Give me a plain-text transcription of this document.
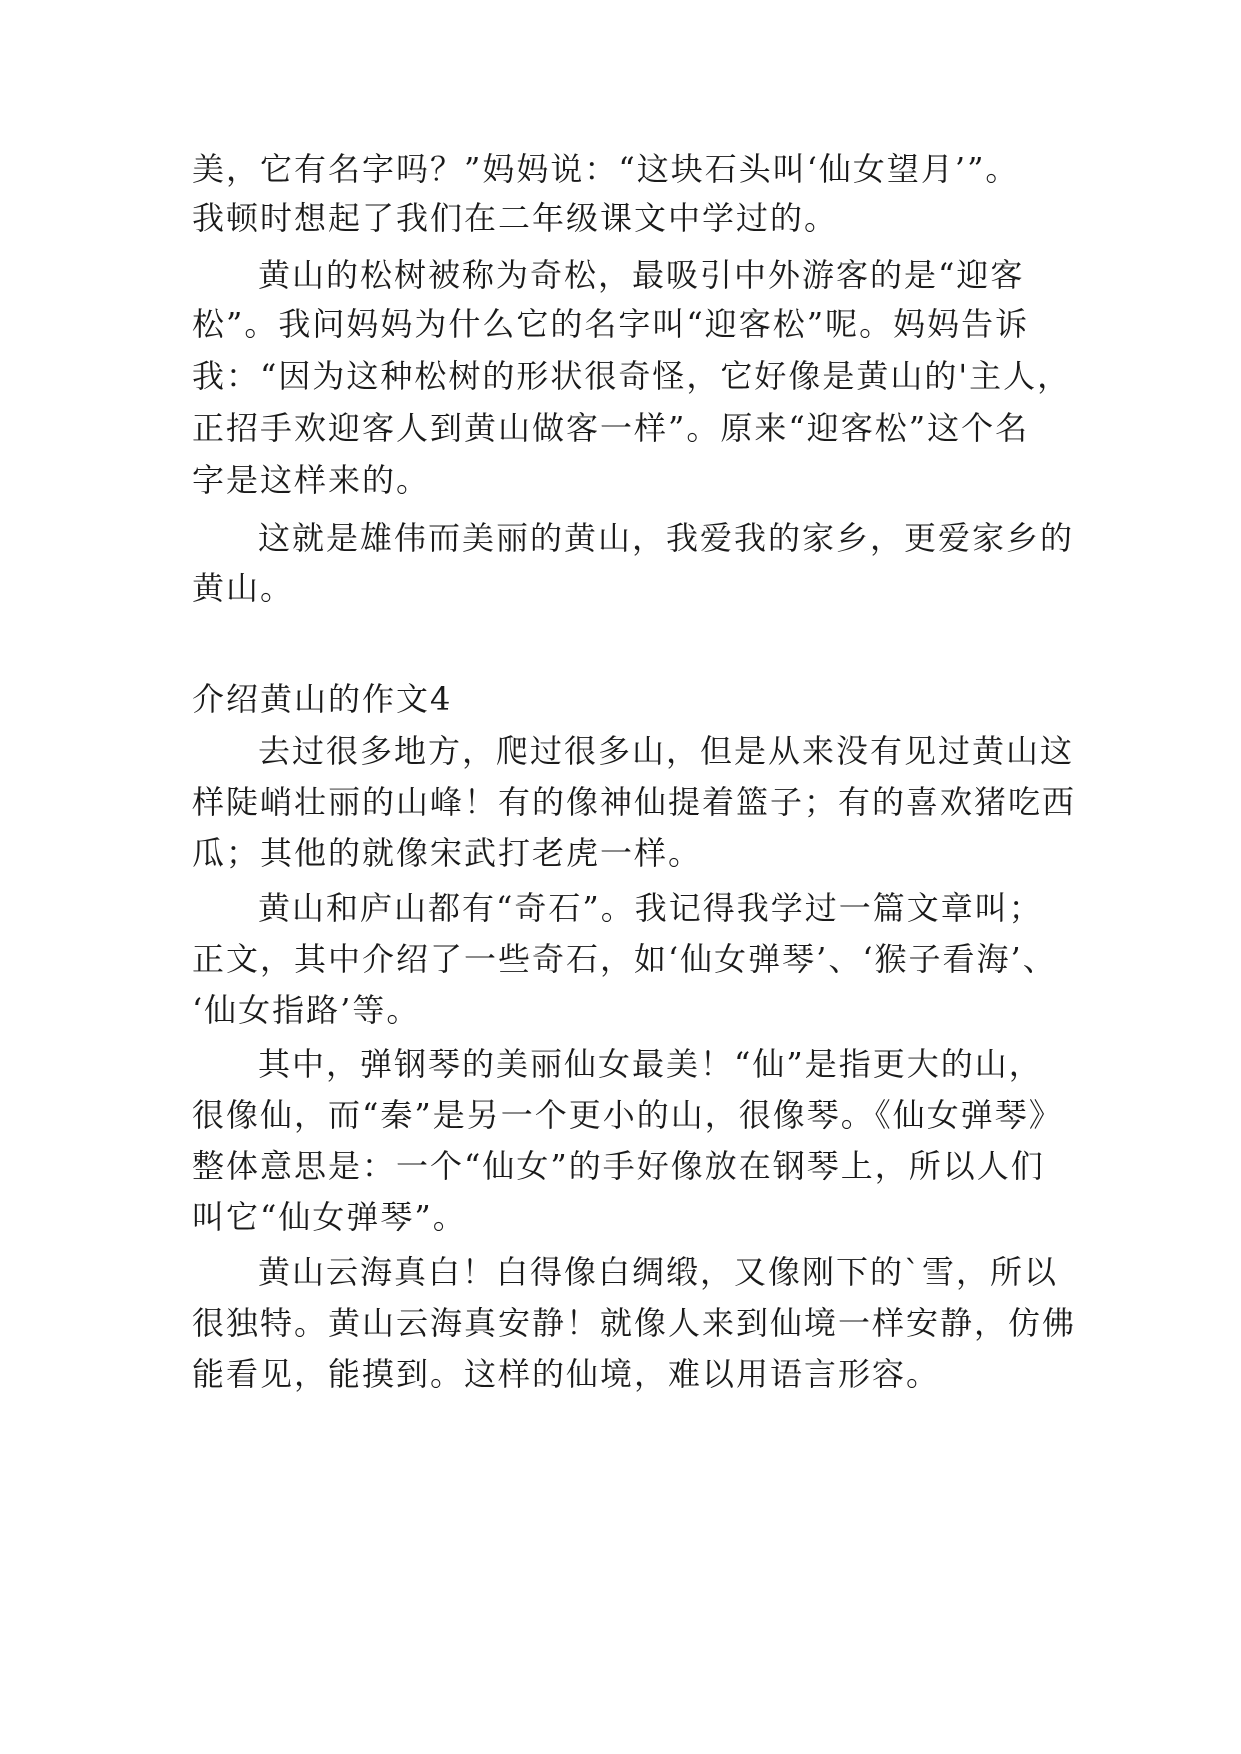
美，它有名字吗？”妈妈说：“这块石头叫‘仙女望月’”。
我顿时想起了我们在二年级课文中学过的。
黄山的松树被称为奇松，最吸引中外游客的是“迎客
松”。我问妈妈为什么它的名字叫“迎客松”呢。妈妈告诉
我：“因为这种松树的形状很奇怪，它好像是黄山的'主人，
正招手欢迎客人到黄山做客一样”。原来“迎客松”这个名
字是这样来的。
这就是雄伟而美丽的黄山，我爱我的家乡，更爱家乡的
黄山。
介绍黄山的作文4
去过很多地方，爬过很多山，但是从来没有见过黄山这
样陡峭壮丽的山峰！有的像神仙提着篮子；有的喜欢猪吃西
瓜；其他的就像宋武打老虎一样。
黄山和庐山都有“奇石”。我记得我学过一篇文章叫；
正文，其中介绍了一些奇石，如‘仙女弹琴’、‘猴子看海’、
‘仙女指路’等。
其中，弹钢琴的美丽仙女最美！“仙”是指更大的山，
很像仙，而“秦”是另一个更小的山，很像琴。《仙女弹琴》
整体意思是：一个“仙女”的手好像放在钢琴上，所以人们
叫它“仙女弹琴”。
黄山云海真白！白得像白绸缎，又像刚下的`雪，所以
很独特。黄山云海真安静！就像人来到仙境一样安静，仿佛
能看见，能摸到。这样的仙境，难以用语言形容。
